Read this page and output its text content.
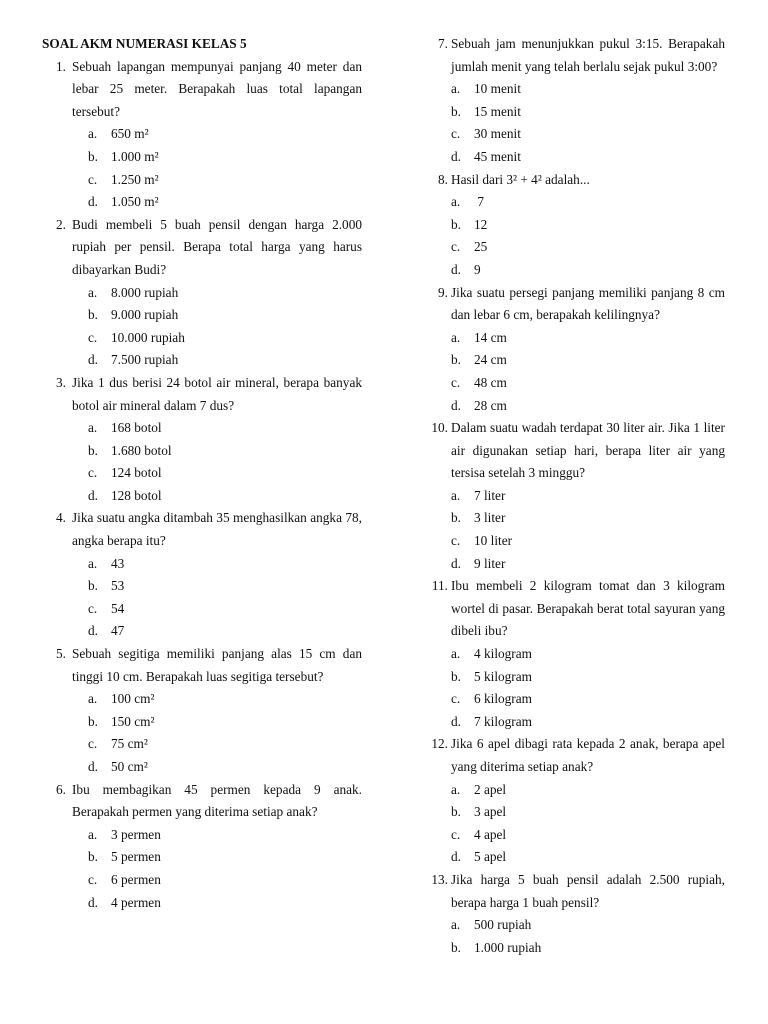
SOAL AKM NUMERASI KELAS 5
1. Sebuah lapangan mempunyai panjang 40 meter dan lebar 25 meter. Berapakah luas total lapangan tersebut?
a.	650 m²
b. 1.000 m²
c.	1.250 m²
d. 1.050 m²
2. Budi membeli 5 buah pensil dengan harga 2.000 rupiah per pensil. Berapa total harga yang harus dibayarkan Budi?
a.	8.000 rupiah
b. 9.000 rupiah
c.	10.000 rupiah
d. 7.500 rupiah
3. Jika 1 dus berisi 24 botol air mineral, berapa banyak botol air mineral dalam 7 dus?
a.	168 botol
b. 1.680 botol
c.	124 botol
d. 128 botol
4. Jika suatu angka ditambah 35 menghasilkan angka 78, angka berapa itu?
a.	43
b. 53
c.	54
d. 47
5. Sebuah segitiga memiliki panjang alas 15 cm dan tinggi 10 cm. Berapakah luas segitiga tersebut?
a.	100 cm²
b. 150 cm²
c.	75 cm²
d. 50 cm²
6. Ibu membagikan 45 permen kepada 9 anak. Berapakah permen yang diterima setiap anak?
a.	3 permen
b. 5 permen
c.	6 permen
d. 4 permen
7. Sebuah jam menunjukkan pukul 3:15. Berapakah jumlah menit yang telah berlalu sejak pukul 3:00?
a.	10 menit
b. 15 menit
c.	30 menit
d. 45 menit
8. Hasil dari 3² + 4² adalah...
a.	7
b. 12
c.	25
d. 9
9. Jika suatu persegi panjang memiliki panjang 8 cm dan lebar 6 cm, berapakah kelilingnya?
a.	14 cm
b. 24 cm
c.	48 cm
d. 28 cm
10. Dalam suatu wadah terdapat 30 liter air. Jika 1 liter air digunakan setiap hari, berapa liter air yang tersisa setelah 3 minggu?
a.	7 liter
b. 3 liter
c.	10 liter
d. 9 liter
11. Ibu membeli 2 kilogram tomat dan 3 kilogram wortel di pasar. Berapakah berat total sayuran yang dibeli ibu?
a.	4 kilogram
b. 5 kilogram
c.	6 kilogram
d. 7 kilogram
12. Jika 6 apel dibagi rata kepada 2 anak, berapa apel yang diterima setiap anak?
a.	2 apel
b. 3 apel
c.	4 apel
d. 5 apel
13. Jika harga 5 buah pensil adalah 2.500 rupiah, berapa harga 1 buah pensil?
a.	500 rupiah
b. 1.000 rupiah
